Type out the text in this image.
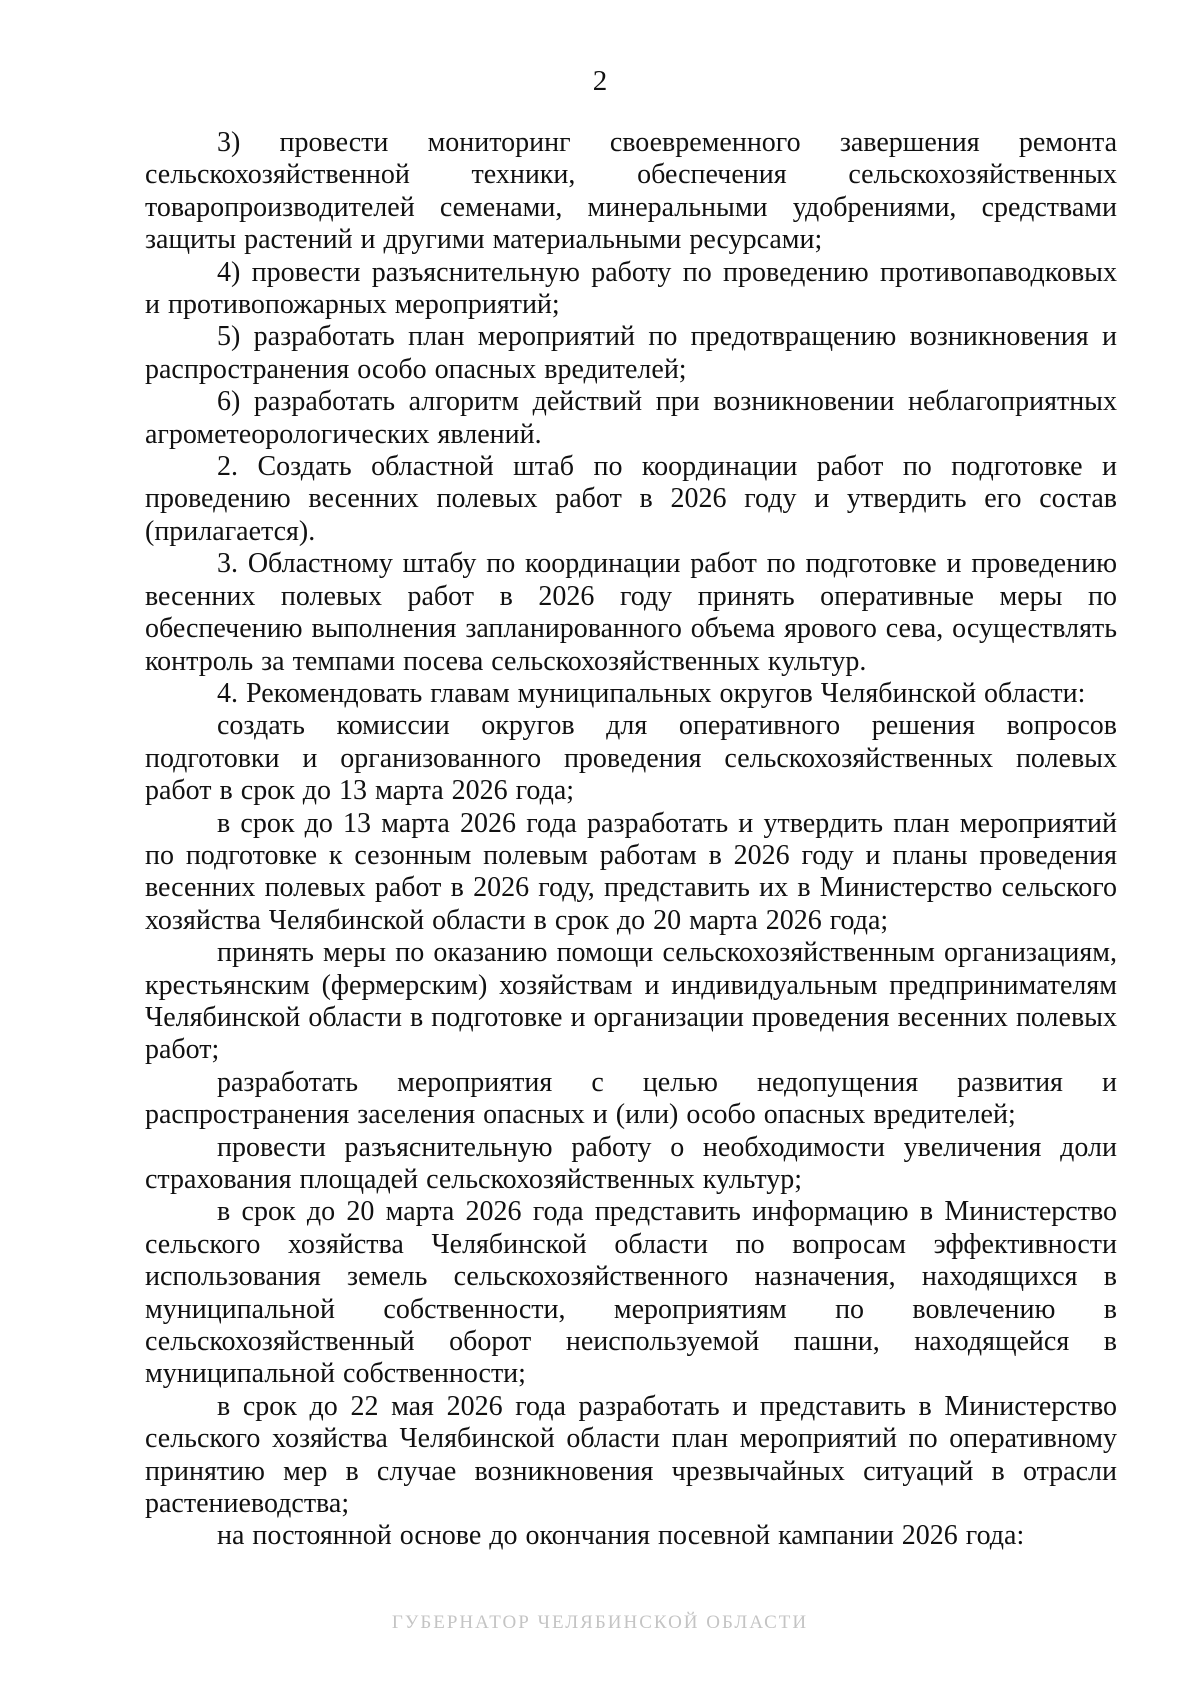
2

3) провести мониторинг своевременного завершения ремонта сельскохозяйственной техники, обеспечения сельскохозяйственных товаропроизводителей семенами, минеральными удобрениями, средствами защиты растений и другими материальными ресурсами;

4) провести разъяснительную работу по проведению противопаводковых и противопожарных мероприятий;

5) разработать план мероприятий по предотвращению возникновения и распространения особо опасных вредителей;

6) разработать алгоритм действий при возникновении неблагоприятных агрометеорологических явлений.

2. Создать областной штаб по координации работ по подготовке и проведению весенних полевых работ в 2026 году и утвердить его состав (прилагается).

3. Областному штабу по координации работ по подготовке и проведению весенних полевых работ в 2026 году принять оперативные меры по обеспечению выполнения запланированного объема ярового сева, осуществлять контроль за темпами посева сельскохозяйственных культур.

4. Рекомендовать главам муниципальных округов Челябинской области:

создать комиссии округов для оперативного решения вопросов подготовки и организованного проведения сельскохозяйственных полевых работ в срок до 13 марта 2026 года;

в срок до 13 марта 2026 года разработать и утвердить план мероприятий по подготовке к сезонным полевым работам в 2026 году и планы проведения весенних полевых работ в 2026 году, представить их в Министерство сельского хозяйства Челябинской области в срок до 20 марта 2026 года;

принять меры по оказанию помощи сельскохозяйственным организациям, крестьянским (фермерским) хозяйствам и индивидуальным предпринимателям Челябинской области в подготовке и организации проведения весенних полевых работ;

разработать мероприятия с целью недопущения развития и распространения заселения опасных и (или) особо опасных вредителей;

провести разъяснительную работу о необходимости увеличения доли страхования площадей сельскохозяйственных культур;

в срок до 20 марта 2026 года представить информацию в Министерство сельского хозяйства Челябинской области по вопросам эффективности использования земель сельскохозяйственного назначения, находящихся в муниципальной собственности, мероприятиям по вовлечению в сельскохозяйственный оборот неиспользуемой пашни, находящейся в муниципальной собственности;

в срок до 22 мая 2026 года разработать и представить в Министерство сельского хозяйства Челябинской области план мероприятий по оперативному принятию мер в случае возникновения чрезвычайных ситуаций в отрасли растениеводства;

на постоянной основе до окончания посевной кампании 2026 года:

ГУБЕРНАТОР ЧЕЛЯБИНСКОЙ ОБЛАСТИ
